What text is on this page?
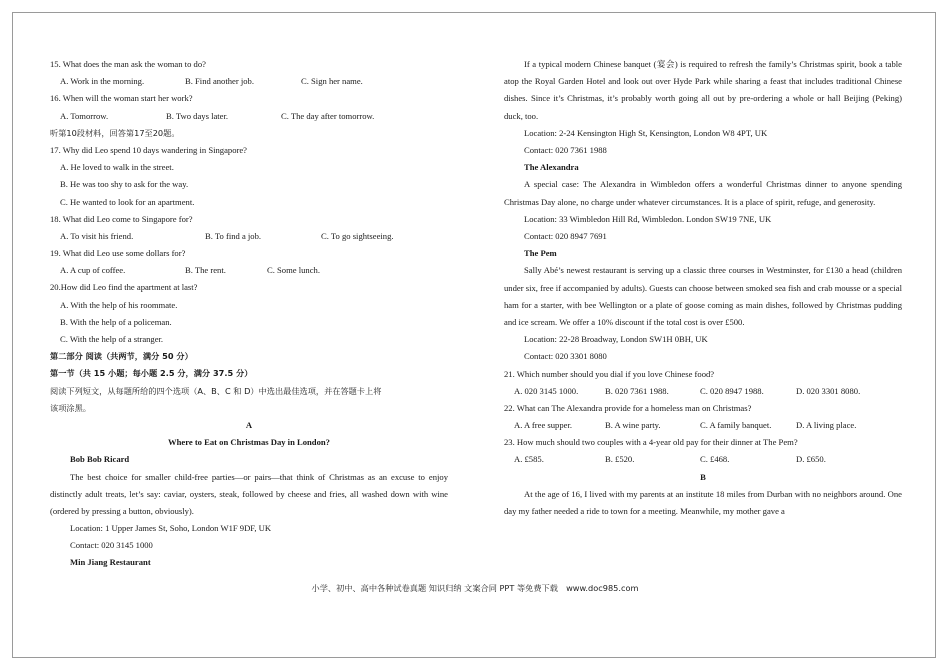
15. What does the man ask the woman to do?
A. Work in the morning.	B. Find another job.	C. Sign her name.
16. When will the woman start her work?
A. Tomorrow.	B. Two days later.	C. The day after tomorrow.
听第10段材料，回答第17至20题。
17. Why did Leo spend 10 days wandering in Singapore?
A. He loved to walk in the street.
B. He was too shy to ask for the way.
C. He wanted to look for an apartment.
18. What did Leo come to Singapore for?
A. To visit his friend.	B. To find a job.	C. To go sightseeing.
19. What did Leo use some dollars for?
A. A cup of coffee.	B. The rent.	C. Some lunch.
20.How did Leo find the apartment at last?
A. With the help of his roommate.
B. With the help of a policeman.
C. With the help of a stranger.
第二部分 阅读（共两节，满分 50 分）
第一节（共 15 小题；每小题 2.5 分，满分 37.5 分）
阅读下列短文，从每题所给的四个选项（A、B、C 和 D）中选出最佳选项，并在答题卡上将
该项涂黑。
A
Where to Eat on Christmas Day in London?
Bob Bob Ricard
The best choice for smaller child-free parties—or pairs—that think of Christmas as an excuse to enjoy distinctly adult treats, let’s say: caviar, oysters, steak, followed by cheese and fries, all washed down with wine (ordered by pressing a button, obviously).
Location: 1 Upper James St, Soho, London W1F 9DF, UK
Contact: 020 3145 1000
Min Jiang Restaurant
If a typical modern Chinese banquet (宴会) is required to refresh the family’s Christmas spirit, book a table atop the Royal Garden Hotel and look out over Hyde Park while sharing a feast that includes traditional Chinese dishes. Since it’s Christmas, it’s probably worth going all out by pre-ordering a whole or hall Beijing (Peking) duck, too.
Location: 2-24 Kensington High St, Kensington, London W8 4PT, UK
Contact: 020 7361 1988
The Alexandra
A special case: The Alexandra in Wimbledon offers a wonderful Christmas dinner to anyone spending Christmas Day alone, no charge under whatever circumstances. It is a place of spirit, refuge, and generosity.
Location: 33 Wimbledon Hill Rd, Wimbledon. London SW19 7NE, UK
Contact: 020 8947 7691
The Pem
Sally Abé’s newest restaurant is serving up a classic three courses in Westminster, for £130 a head (children under six, free if accompanied by adults). Guests can choose between smoked sea fish and crab mousse or a special ham for a starter, with bee Wellington or a plate of goose coming as main dishes, followed by Christmas pudding and ice scream. We offer a 10% discount if the total cost is over £500.
Location: 22-28 Broadway, London SW1H 0BH, UK
Contact: 020 3301 8080
21. Which number should you dial if you love Chinese food?
A. 020 3145 1000.	B. 020 7361 1988.	C. 020 8947 1988.	D. 020 3301 8080.
22. What can The Alexandra provide for a homeless man on Christmas?
A. A free supper.	B. A wine party.	C. A family banquet.	D. A living place.
23. How much should two couples with a 4-year old pay for their dinner at The Pem?
A. £585.	B. £520.	C. £468.	D. £650.
B
At the age of 16, I lived with my parents at an institute 18 miles from Durban with no neighbors around. One day my father needed a ride to town for a meeting. Meanwhile, my mother gave a
小学、初中、高中各种试卷真题 知识归纳 文案合同 PPT 等免费下载　www.doc985.com
